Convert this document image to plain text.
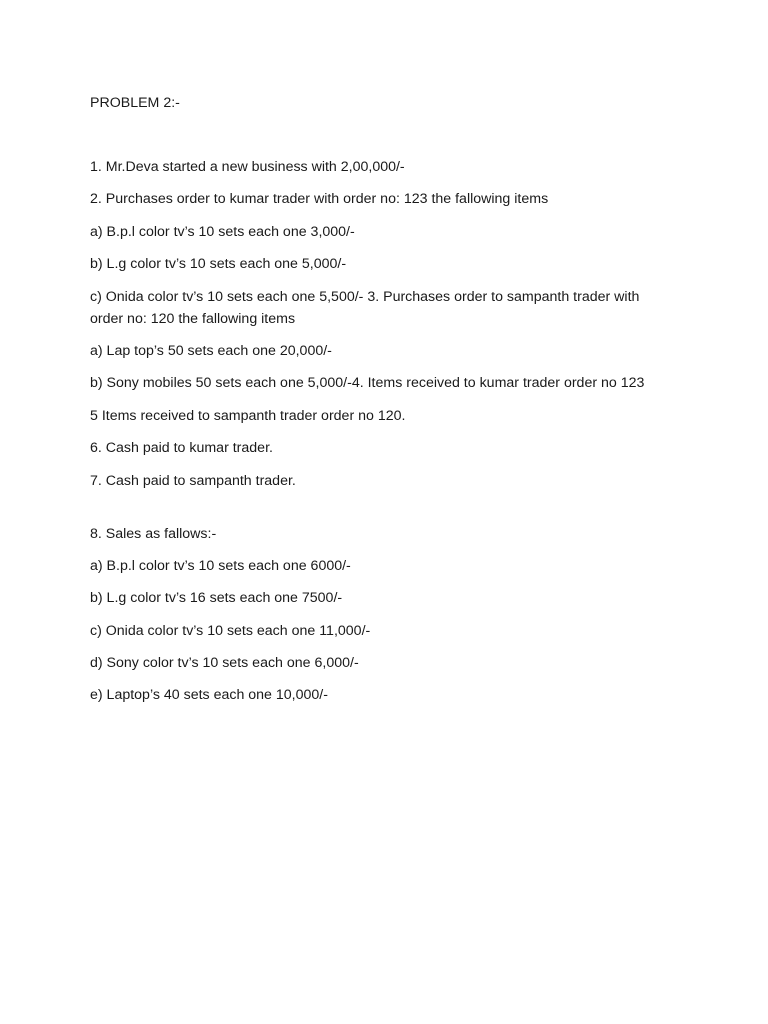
PROBLEM 2:-

1. Mr.Deva started a new business with 2,00,000/-

2. Purchases order to kumar trader with order no: 123 the fallowing items

a) B.p.l color tv’s 10 sets each one 3,000/-

b) L.g color tv’s 10 sets each one 5,000/-

c) Onida color tv’s 10 sets each one 5,500/- 3. Purchases order to sampanth trader with order no: 120 the fallowing items

a) Lap top’s 50 sets each one 20,000/-

b) Sony mobiles 50 sets each one 5,000/-4. Items received to kumar trader order no 123

5 Items received to sampanth trader order no 120.

6. Cash paid to kumar trader.

7. Cash paid to sampanth trader.

8. Sales as fallows:-

a) B.p.l color tv’s 10 sets each one 6000/-

b) L.g color tv’s 16 sets each one 7500/-

c) Onida color tv’s 10 sets each one 11,000/-

d) Sony color tv’s 10 sets each one 6,000/-

e) Laptop’s 40 sets each one 10,000/-
